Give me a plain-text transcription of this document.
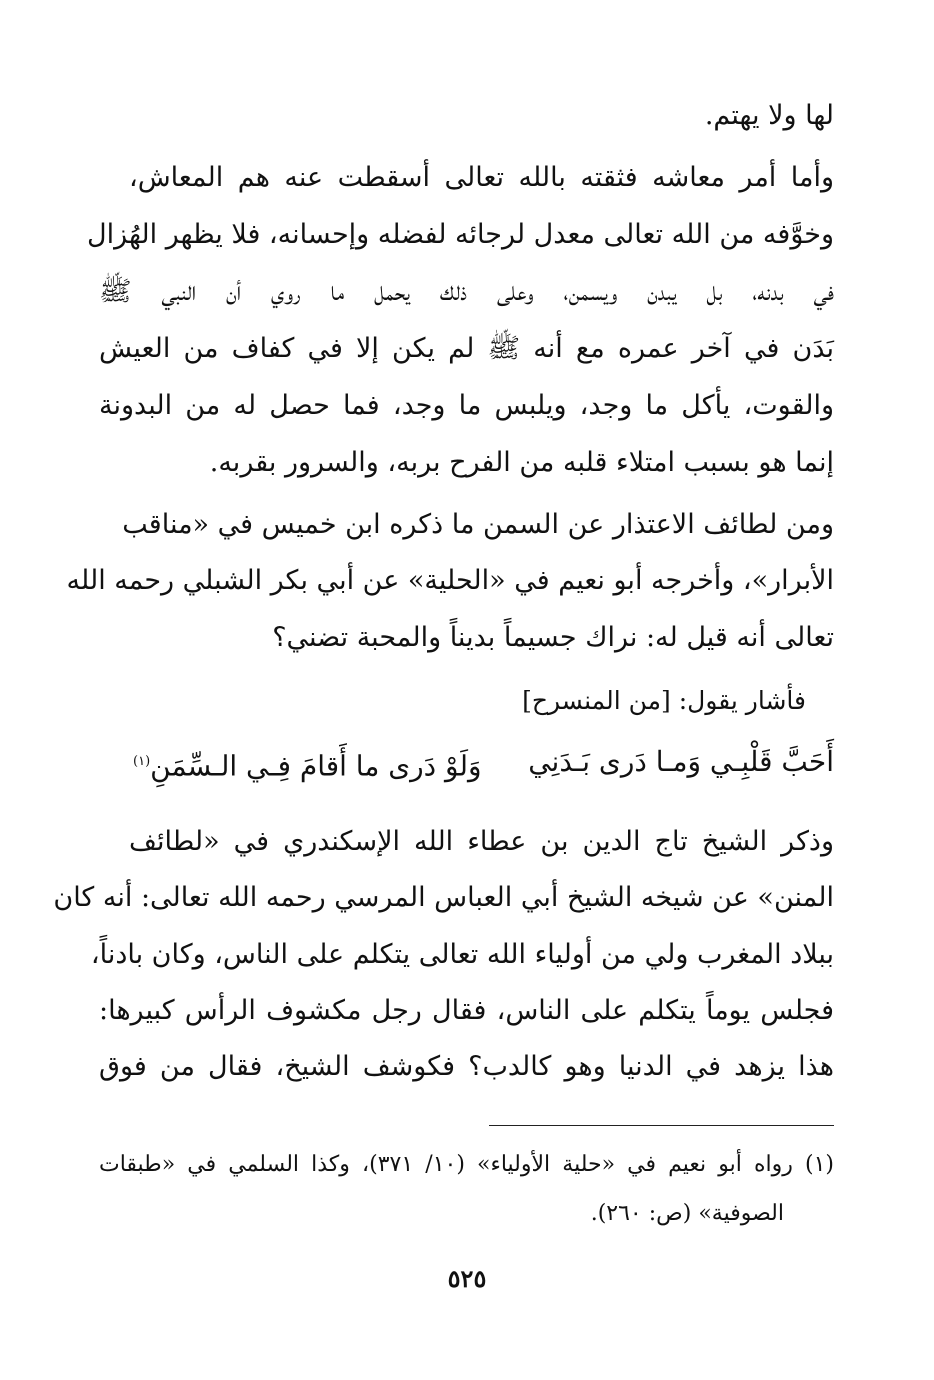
لها ولا يهتم.
وأما أمر معاشه فثقته بالله تعالى أسقطت عنه هم المعاش،
وخوَّفه من الله تعالى معدل لرجائه لفضله وإحسانه، فلا يظهر الهُزال
في بدنه، بل يبدن ويسمن، وعلى ذلك يحمل ما روي أن النبي ﷺ
بَدَن في آخر عمره مع أنه ﷺ لم يكن إلا في كفاف من العيش
والقوت، يأكل ما وجد، ويلبس ما وجد، فما حصل له من البدونة
إنما هو بسبب امتلاء قلبه من الفرح بربه، والسرور بقربه.
ومن لطائف الاعتذار عن السمن ما ذكره ابن خميس في «مناقب
الأبرار»، وأخرجه أبو نعيم في «الحلية» عن أبي بكر الشبلي رحمه الله
تعالى أنه قيل له: نراك جسيماً بديناً والمحبة تضني؟
فأشار يقول: [من المنسرح]
أَحَبَّ قَلْبِـي وَمـا دَرى بَـدَنِي
وَلَوْ دَرى ما أَقامَ فِـي الـسِّمَنِ$^{(١)}$
وذكر الشيخ تاج الدين بن عطاء الله الإسكندري في «لطائف
المنن» عن شيخه الشيخ أبي العباس المرسي رحمه الله تعالى: أنه كان
ببلاد المغرب ولي من أولياء الله تعالى يتكلم على الناس، وكان بادناً،
فجلس يوماً يتكلم على الناس، فقال رجل مكشوف الرأس كبيرها:
هذا يزهد في الدنيا وهو كالدب؟ فكوشف الشيخ، فقال من فوق
(١) رواه أبو نعيم في «حلية الأولياء» (١٠/ ٣٧١)، وكذا السلمي في «طبقات
الصوفية» (ص: ٢٦٠).
٥٢٥
